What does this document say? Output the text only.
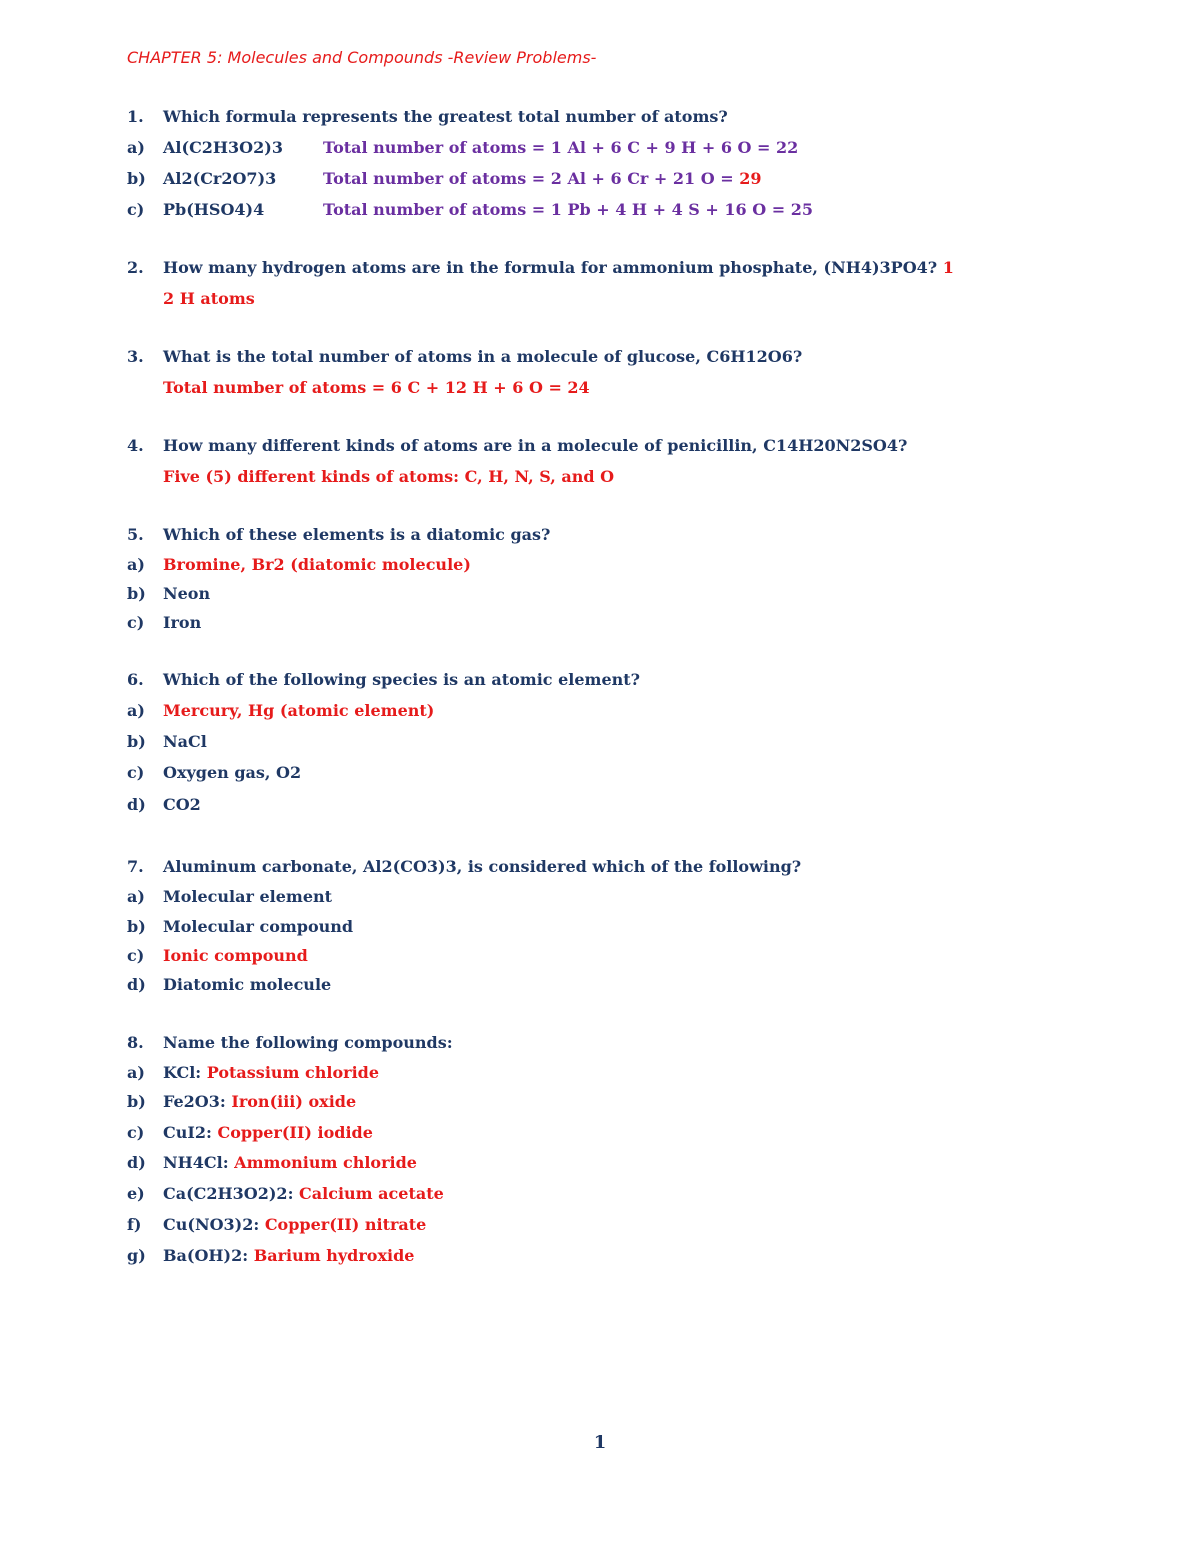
CHAPTER 5: Molecules and Compounds -Review Problems-
1. Which formula represents the greatest total number of atoms?
a) Al(C2H3O2)3	Total number of atoms = 1 Al + 6 C + 9 H + 6 O = 22
b) Al2(Cr2O7)3	Total number of atoms = 2 Al + 6 Cr + 21 O = 29
c) Pb(HSO4)4	Total number of atoms = 1 Pb + 4 H + 4 S + 16 O = 25
2. How many hydrogen atoms are in the formula for ammonium phosphate, (NH4)3PO4? 1
2 H atoms
3. What is the total number of atoms in a molecule of glucose, C6H12O6?
Total number of atoms = 6 C + 12 H + 6 O = 24
4. How many different kinds of atoms are in a molecule of penicillin, C14H20N2SO4?
Five (5) different kinds of atoms: C, H, N, S, and O
5. Which of these elements is a diatomic gas?
a) Bromine, Br2 (diatomic molecule)
b) Neon
c) Iron
6. Which of the following species is an atomic element?
a) Mercury, Hg (atomic element)
b) NaCl
c) Oxygen gas, O2
d) CO2
7. Aluminum carbonate, Al2(CO3)3, is considered which of the following?
a) Molecular element
b) Molecular compound
c) Ionic compound
d) Diatomic molecule
8. Name the following compounds:
a) KCl: Potassium chloride
b) Fe2O3: Iron(iii) oxide
c) CuI2: Copper(II) iodide
d) NH4Cl: Ammonium chloride
e) Ca(C2H3O2)2: Calcium acetate
f) Cu(NO3)2: Copper(II) nitrate
g) Ba(OH)2: Barium hydroxide
1
